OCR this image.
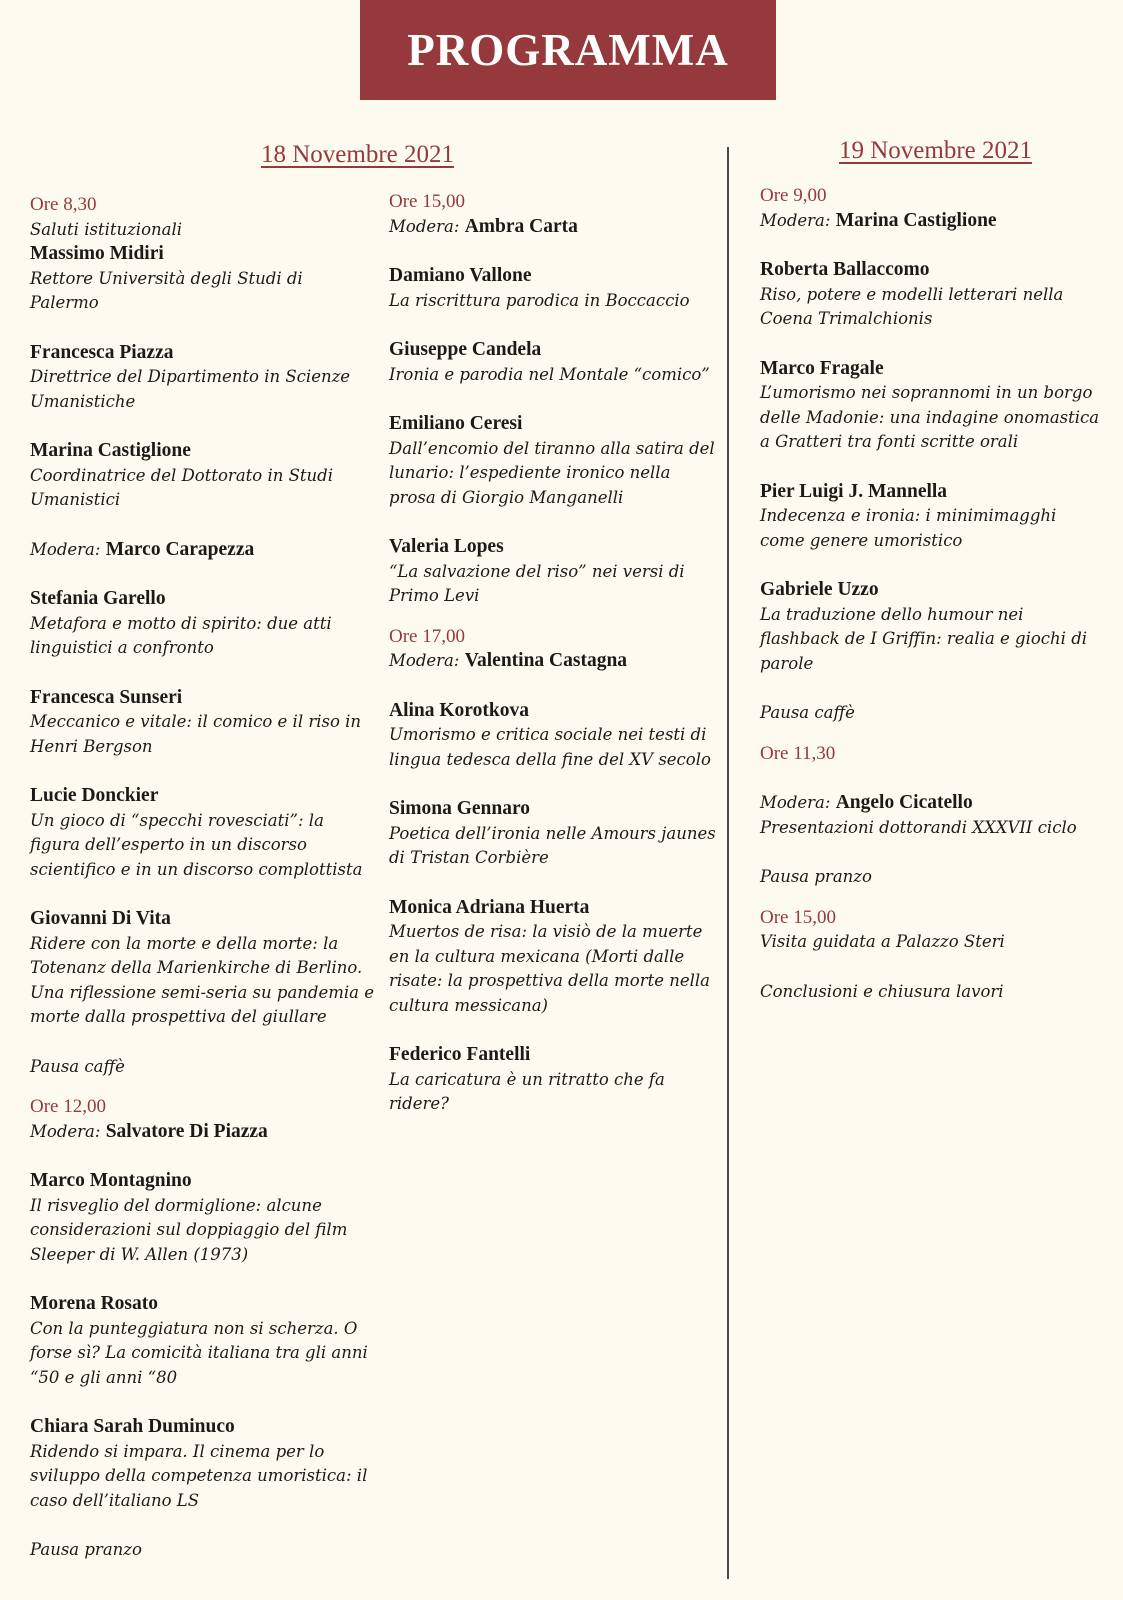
PROGRAMMA
18 Novembre 2021	19 Novembre 2021
Ore 8,30
Saluti istituzionali
Massimo Midiri
Rettore Università degli Studi di Palermo
Francesca Piazza
Direttrice del Dipartimento in Scienze Umanistiche
Marina Castiglione
Coordinatrice del Dottorato in Studi Umanistici
Modera: Marco Carapezza
Stefania Garello
Metafora e motto di spirito: due atti linguistici a confronto
Francesca Sunseri
Meccanico e vitale: il comico e il riso in Henri Bergson
Lucie Donckier
Un gioco di “specchi rovesciati”: la figura dell’esperto in un discorso scientifico e in un discorso complottista
Giovanni Di Vita
Ridere con la morte e della morte: la Totenanz della Marienkirche di Berlino. Una riflessione semi-seria su pandemia e morte dalla prospettiva del giullare
Pausa caffè
Ore 12,00
Modera: Salvatore Di Piazza
Marco Montagnino
Il risveglio del dormiglione: alcune considerazioni sul doppiaggio del film Sleeper di W. Allen (1973)
Morena Rosato
Con la punteggiatura non si scherza. O forse sì? La comicità italiana tra gli anni “50 e gli anni “80
Chiara Sarah Duminuco
Ridendo si impara. Il cinema per lo sviluppo della competenza umoristica: il caso dell’italiano LS
Pausa pranzo
Ore 15,00
Modera: Ambra Carta
Damiano Vallone
La riscrittura parodica in Boccaccio
Giuseppe Candela
Ironia e parodia nel Montale “comico”
Emiliano Ceresi
Dall’encomio del tiranno alla satira del lunario: l’espediente ironico nella prosa di Giorgio Manganelli
Valeria Lopes
“La salvazione del riso” nei versi di Primo Levi
Ore 17,00
Modera: Valentina Castagna
Alina Korotkova
Umorismo e critica sociale nei testi di lingua tedesca della fine del XV secolo
Simona Gennaro
Poetica dell’ironia nelle Amours jaunes di Tristan Corbière
Monica Adriana Huerta
Muertos de risa: la visiò de la muerte en la cultura mexicana (Morti dalle risate: la prospettiva della morte nella cultura messicana)
Federico Fantelli
La caricatura è un ritratto che fa ridere?
Ore 9,00
Modera: Marina Castiglione
Roberta Ballaccomo
Riso, potere e modelli letterari nella Coena Trimalchionis
Marco Fragale
L’umorismo nei soprannomi in un borgo delle Madonie: una indagine onomastica a Gratteri tra fonti scritte orali
Pier Luigi J. Mannella
Indecenza e ironia: i minimimagghi come genere umoristico
Gabriele Uzzo
La traduzione dello humour nei flashback de I Griffin: realia e giochi di parole
Pausa caffè
Ore 11,30
Modera: Angelo Cicatello
Presentazioni dottorandi XXXVII ciclo
Pausa pranzo
Ore 15,00
Visita guidata a Palazzo Steri
Conclusioni e chiusura lavori
